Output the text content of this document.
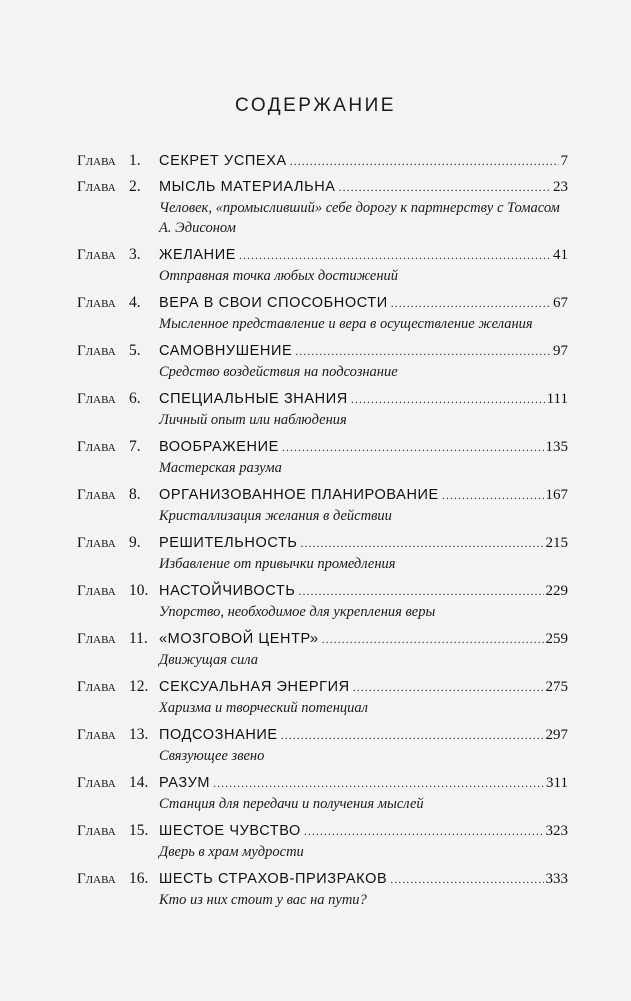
СОДЕРЖАНИЕ
Глава 1.	СЕКРЕТ УСПЕХА . . .	7
Глава 2.	МЫСЛЬ МАТЕРИАЛЬНА . . .	23
Человек, «промысливший» себе дорогу к партнерству с Томасом А. Эдисоном
Глава 3.	ЖЕЛАНИЕ . . .	41
Отправная точка любых достижений
Глава 4.	ВЕРА В СВОИ СПОСОБНОСТИ . . .	67
Мысленное представление и вера в осуществление желания
Глава 5.	САМОВНУШЕНИЕ . . .	97
Средство воздействия на подсознание
Глава 6.	СПЕЦИАЛЬНЫЕ ЗНАНИЯ . . .	111
Личный опыт или наблюдения
Глава 7.	ВООБРАЖЕНИЕ . . .	135
Мастерская разума
Глава 8.	ОРГАНИЗОВАННОЕ ПЛАНИРОВАНИЕ . . .	167
Кристаллизация желания в действии
Глава 9.	РЕШИТЕЛЬНОСТЬ . . .	215
Избавление от привычки промедления
Глава 10. НАСТОЙЧИВОСТЬ . . .	229
Упорство, необходимое для укрепления веры
Глава 11. «МОЗГОВОЙ ЦЕНТР» . . .	259
Движущая сила
Глава 12. СЕКСУАЛЬНАЯ ЭНЕРГИЯ . . .	275
Харизма и творческий потенциал
Глава 13. ПОДСОЗНАНИЕ . . .	297
Связующее звено
Глава 14. РАЗУМ . . .	311
Станция для передачи и получения мыслей
Глава 15. ШЕСТОЕ ЧУВСТВО . . .	323
Дверь в храм мудрости
Глава 16. ШЕСТЬ СТРАХОВ-ПРИЗРАКОВ . . .	333
Кто из них стоит у вас на пути?
